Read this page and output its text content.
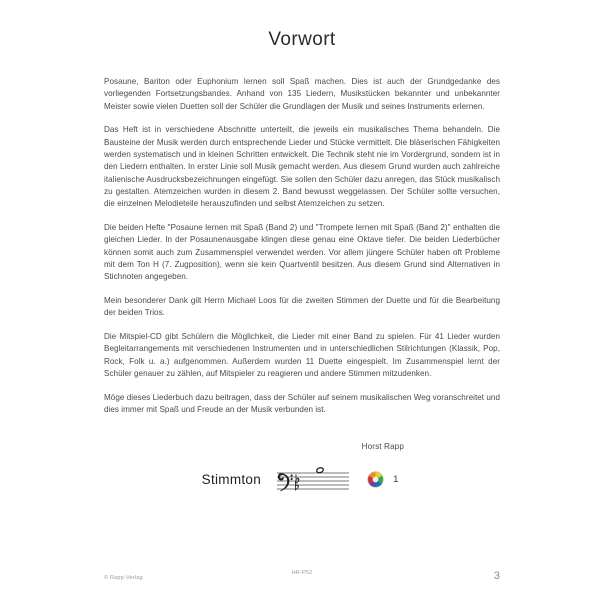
Vorwort

Posaune, Bariton oder Euphonium lernen soll Spaß machen. Dies ist auch der Grundgedanke des vorliegenden Fortsetzungsbandes. Anhand von 135 Liedern, Musikstücken bekannter und unbekannter Meister sowie vielen Duetten soll der Schüler die Grundlagen der Musik und seines Instruments erlernen.

Das Heft ist in verschiedene Abschnitte unterteilt, die jeweils ein musikalisches Thema behandeln. Die Bausteine der Musik werden durch entsprechende Lieder und Stücke vermittelt. Die bläserischen Fähigkeiten werden systematisch und in kleinen Schritten entwickelt. Die Technik steht nie im Vordergrund, sondern ist in den Liedern enthalten. In erster Linie soll Musik gemacht werden. Aus diesem Grund wurden auch zahlreiche italienische Ausdrucksbezeichnungen eingefügt. Sie sollen den Schüler dazu anregen, das Stück musikalisch zu gestalten. Atemzeichen wurden in diesem 2. Band bewusst weggelassen. Der Schüler sollte versuchen, die einzelnen Melodieteile herauszufinden und selbst Atemzeichen zu setzen.

Die beiden Hefte "Posaune lernen mit Spaß (Band 2) und "Trompete lernen mit Spaß (Band 2)" enthalten die gleichen Lieder. In der Posaunenausgabe klingen diese genau eine Oktave tiefer. Die beiden Liederbücher können somit auch zum Zusammenspiel verwendet werden. Vor allem jüngere Schüler haben oft Probleme mit dem Ton H (7. Zugposition), wenn sie kein Quartventil besitzen. Aus diesem Grund sind Alternativen in Stichnoten angegeben.

Mein besonderer Dank gilt Herrn Michael Loos für die zweiten Stimmen der Duette und für die Bearbeitung der beiden Trios.

Die Mitspiel-CD gibt Schülern die Möglichkeit, die Lieder mit einer Band zu spielen. Für 41 Lieder wurden Begleitarrangements mit verschiedenen Instrumenten und in unterschiedlichen Stilrichtungen (Klassik, Pop, Rock, Folk u. a.) aufgenommen. Außerdem wurden 11 Duette eingespielt. Im Zusammenspiel lernt der Schüler genauer zu zählen, auf Mitspieler zu reagieren und andere Stimmen mitzudenken.

Möge dieses Liederbuch dazu beitragen, dass der Schüler auf seinem musikalischen Weg voranschreitet und dies immer mit Spaß und Freude an der Musik verbunden ist.

Horst Rapp
Stimmton	1
© Rapp-Verlag
HR-P52	3
